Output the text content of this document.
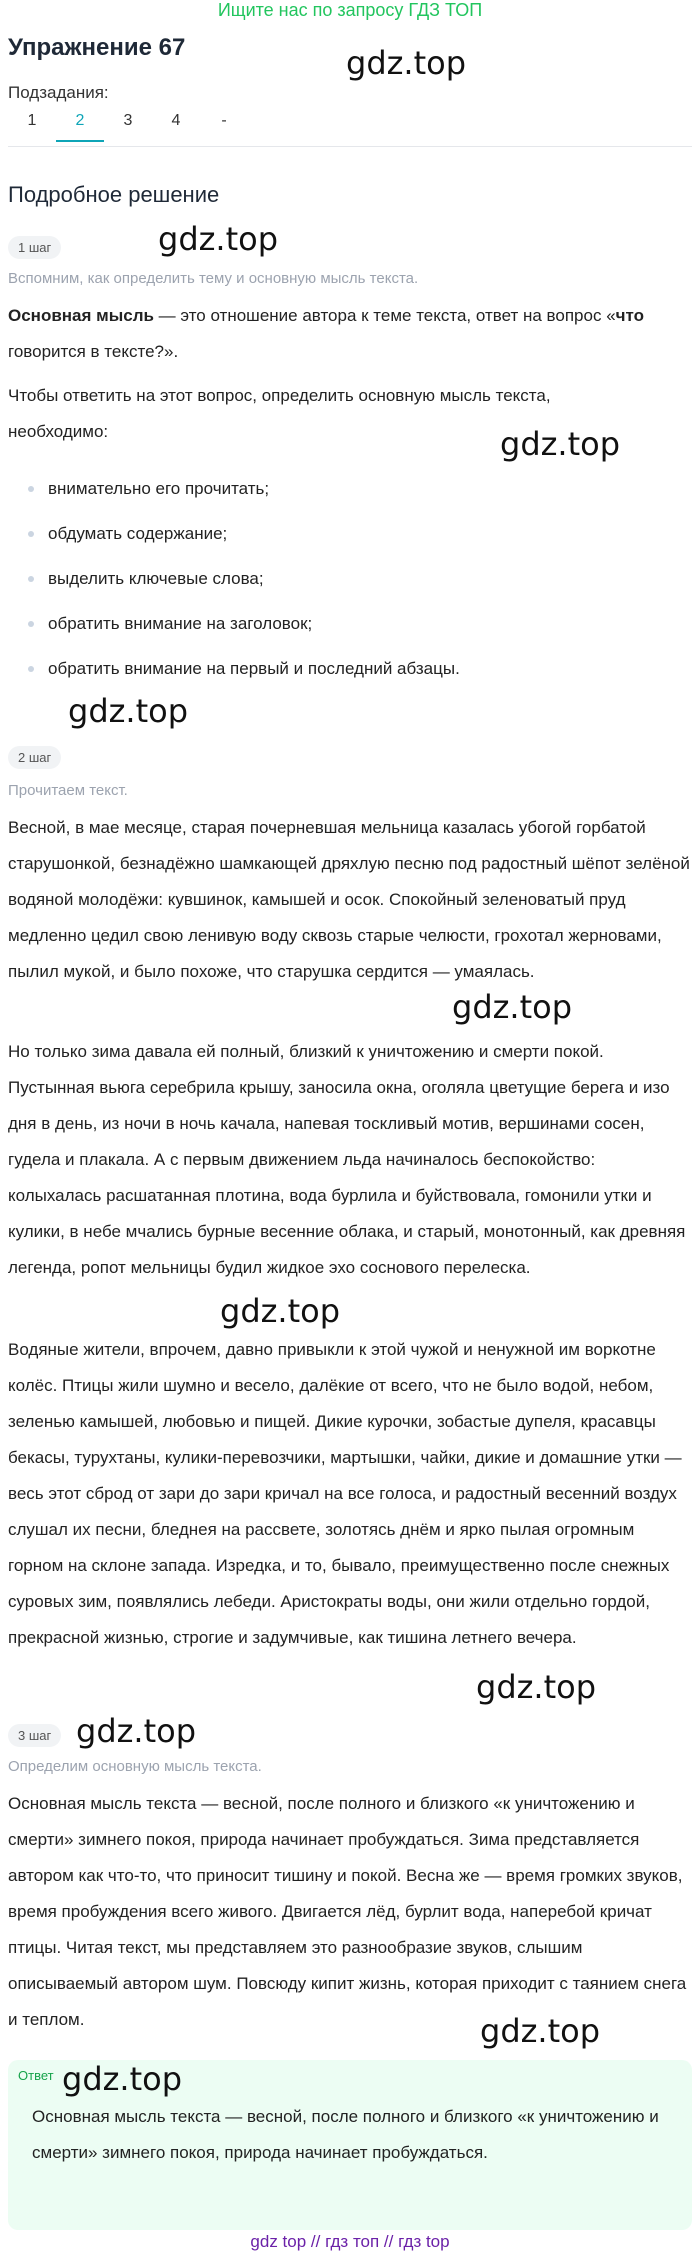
Ищите нас по запросу ГДЗ ТОП
Упражнение 67	gdz.top
Подзадания:
1	2	3	4	-
Подробное решение
1 шаг	gdz.top
Вспомним, как определить тему и основную мысль текста.
Основная мысль — это отношение автора к теме текста, ответ на вопрос «что говорится в тексте?».
Чтобы ответить на этот вопрос, определить основную мысль текста, необходимо:	gdz.top
внимательно его прочитать;
обдумать содержание;
выделить ключевые слова;
обратить внимание на заголовок;
обратить внимание на первый и последний абзацы.
gdz.top
2 шаг
Прочитаем текст.
Весной, в мае месяце, старая почерневшая мельница казалась убогой горбатой старушонкой, безнадёжно шамкающей дряхлую песню под радостный шёпот зелёной водяной молодёжи: кувшинок, камышей и осок. Спокойный зеленоватый пруд медленно цедил свою ленивую воду сквозь старые челюсти, грохотал жерновами, пылил мукой, и было похоже, что старушка сердится — умаялась.
gdz.top
Но только зима давала ей полный, близкий к уничтожению и смерти покой. Пустынная вьюга серебрила крышу, заносила окна, оголяла цветущие берега и изо дня в день, из ночи в ночь качала, напевая тоскливый мотив, вершинами сосен, гудела и плакала. А с первым движением льда начиналось беспокойство: колыхалась расшатанная плотина, вода бурлила и буйствовала, гомонили утки и кулики, в небе мчались бурные весенние облака, и старый, монотонный, как древняя легенда, ропот мельницы будил жидкое эхо соснового перелеска.
gdz.top
Водяные жители, впрочем, давно привыкли к этой чужой и ненужной им воркотне колёс. Птицы жили шумно и весело, далёкие от всего, что не было водой, небом, зеленью камышей, любовью и пищей. Дикие курочки, зобастые дупеля, красавцы бекасы, турухтаны, кулики-перевозчики, мартышки, чайки, дикие и домашние утки — весь этот сброд от зари до зари кричал на все голоса, и радостный весенний воздух слушал их песни, бледнея на рассвете, золотясь днём и ярко пылая огромным горном на склоне запада. Изредка, и то, бывало, преимущественно после снежных суровых зим, появлялись лебеди. Аристократы воды, они жили отдельно гордой, прекрасной жизнью, строгие и задумчивые, как тишина летнего вечера.
gdz.top
3 шаг gdz.top
Определим основную мысль текста.
Основная мысль текста — весной, после полного и близкого «к уничтожению и смерти» зимнего покоя, природа начинает пробуждаться. Зима представляется автором как что-то, что приносит тишину и покой. Весна же — время громких звуков, время пробуждения всего живого. Двигается лёд, бурлит вода, наперебой кричат птицы. Читая текст, мы представляем это разнообразие звуков, слышим описываемый автором шум. Повсюду кипит жизнь, которая приходит с таянием снега и теплом.	gdz.top
Ответ gdz.top
Основная мысль текста — весной, после полного и близкого «к уничтожению и смерти» зимнего покоя, природа начинает пробуждаться.
gdz top // гдз топ // гдз top
